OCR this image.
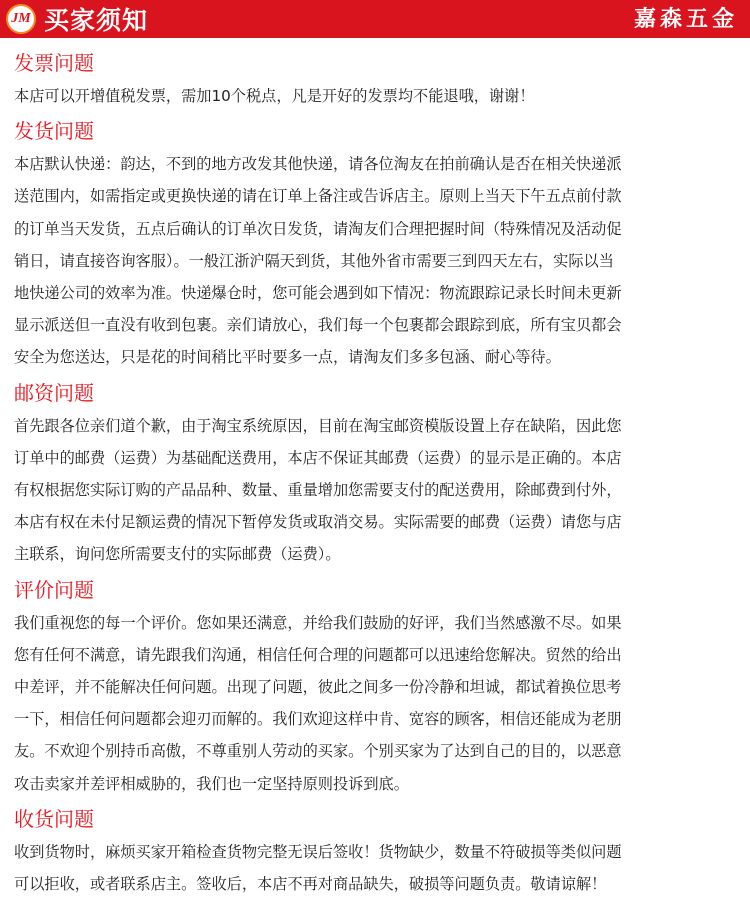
JM 买家须知	嘉森五金
发票问题
本店可以开增值税发票，需加10个税点，凡是开好的发票均不能退哦，谢谢！
发货问题
本店默认快递：韵达，不到的地方改发其他快递，请各位淘友在拍前确认是否在相关快递派
送范围内，如需指定或更换快递的请在订单上备注或告诉店主。原则上当天下午五点前付款
的订单当天发货，五点后确认的订单次日发货，请淘友们合理把握时间（特殊情况及活动促
销日，请直接咨询客服）。一般江浙沪隔天到货，其他外省市需要三到四天左右，实际以当
地快递公司的效率为准。快递爆仓时，您可能会遇到如下情况：物流跟踪记录长时间未更新
显示派送但一直没有收到包裹。亲们请放心，我们每一个包裹都会跟踪到底，所有宝贝都会
安全为您送达，只是花的时间稍比平时要多一点，请淘友们多多包涵、耐心等待。
邮资问题
首先跟各位亲们道个歉，由于淘宝系统原因，目前在淘宝邮资模版设置上存在缺陷，因此您
订单中的邮费（运费）为基础配送费用，本店不保证其邮费（运费）的显示是正确的。本店
有权根据您实际订购的产品品种、数量、重量增加您需要支付的配送费用，除邮费到付外，
本店有权在未付足额运费的情况下暂停发货或取消交易。实际需要的邮费（运费）请您与店
主联系，询问您所需要支付的实际邮费（运费）。
评价问题
我们重视您的每一个评价。您如果还满意，并给我们鼓励的好评，我们当然感激不尽。如果
您有任何不满意，请先跟我们沟通，相信任何合理的问题都可以迅速给您解决。贸然的给出
中差评，并不能解决任何问题。出现了问题，彼此之间多一份冷静和坦诚，都试着换位思考
一下，相信任何问题都会迎刃而解的。我们欢迎这样中肯、宽容的顾客，相信还能成为老朋
友。不欢迎个别持币高傲，不尊重别人劳动的买家。个别买家为了达到自己的目的，以恶意
攻击卖家并差评相威胁的，我们也一定坚持原则投诉到底。
收货问题
收到货物时，麻烦买家开箱检查货物完整无误后签收！货物缺少，数量不符破损等类似问题
可以拒收，或者联系店主。签收后，本店不再对商品缺失，破损等问题负责。敬请谅解！
